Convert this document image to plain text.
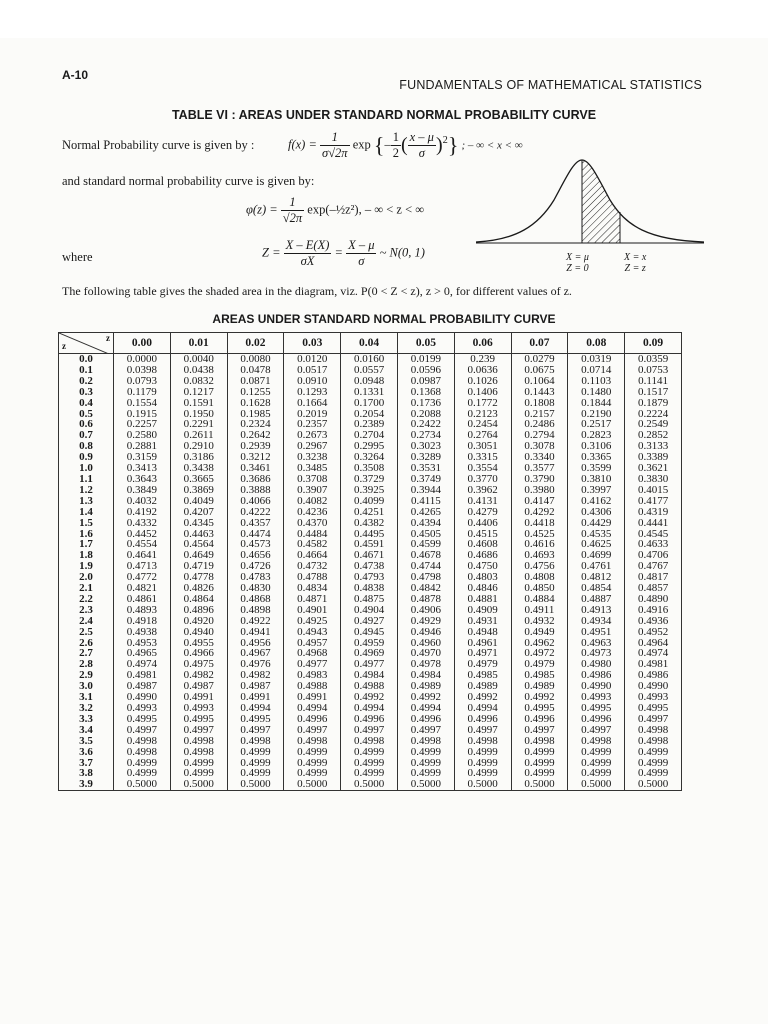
A-10
FUNDAMENTALS OF MATHEMATICAL STATISTICS
TABLE VI : AREAS UNDER STANDARD NORMAL PROBABILITY CURVE
Normal Probability curve is given by :	$f(x) = \frac{1}{\sigma√2\pi}$ exp {– $\frac{1}{2}$ ( $\frac{x - \mu}{\sigma} )^2$} ; – ∞ < x < ∞
and standard normal probability curve is given by:
$\varphi(z) = \frac{1}{√2\pi}$ exp(–½z²), – ∞ < z < ∞
where	$Z = \frac{X - E(X)}{\sigma X} = \frac{X - \mu}{\sigma}$ ~ N(0, 1)	X = μ
Z = 0
X = x
Z = z
The following table gives the shaded area in the diagram, viz. P(0 < Z < z), z > 0, for different values of z.
AREAS UNDER STANDARD NORMAL PROBABILITY CURVE
z
z	0.00	0.01	0.02	0.03	0.04	0.05	0.06	0.07	0.08	0.09
0.0	0.0000	0.0040	0.0080	0.0120	0.0160	0.0199	0.239	0.0279	0.0319	0.0359
0.1	0.0398	0.0438	0.0478	0.0517	0.0557	0.0596	0.0636	0.0675	0.0714	0.0753
0.2	0.0793	0.0832	0.0871	0.0910	0.0948	0.0987	0.1026	0.1064	0.1103	0.1141
0.3	0.1179	0.1217	0.1255	0.1293	0.1331	0.1368	0.1406	0.1443	0.1480	0.1517
0.4	0.1554	0.1591	0.1628	0.1664	0.1700	0.1736	0.1772	0.1808	0.1844	0.1879
0.5	0.1915	0.1950	0.1985	0.2019	0.2054	0.2088	0.2123	0.2157	0.2190	0.2224
0.6	0.2257	0.2291	0.2324	0.2357	0.2389	0.2422	0.2454	0.2486	0.2517	0.2549
0.7	0.2580	0.2611	0.2642	0.2673	0.2704	0.2734	0.2764	0.2794	0.2823	0.2852
0.8	0.2881	0.2910	0.2939	0.2967	0.2995	0.3023	0.3051	0.3078	0.3106	0.3133
0.9	0.3159	0.3186	0.3212	0.3238	0.3264	0.3289	0.3315	0.3340	0.3365	0.3389
1.0	0.3413	0.3438	0.3461	0.3485	0.3508	0.3531	0.3554	0.3577	0.3599	0.3621
1.1	0.3643	0.3665	0.3686	0.3708	0.3729	0.3749	0.3770	0.3790	0.3810	0.3830
1.2	0.3849	0.3869	0.3888	0.3907	0.3925	0.3944	0.3962	0.3980	0.3997	0.4015
1.3	0.4032	0.4049	0.4066	0.4082	0.4099	0.4115	0.4131	0.4147	0.4162	0.4177
1.4	0.4192	0.4207	0.4222	0.4236	0.4251	0.4265	0.4279	0.4292	0.4306	0.4319
1.5	0.4332	0.4345	0.4357	0.4370	0.4382	0.4394	0.4406	0.4418	0.4429	0.4441
1.6	0.4452	0.4463	0.4474	0.4484	0.4495	0.4505	0.4515	0.4525	0.4535	0.4545
1.7	0.4554	0.4564	0.4573	0.4582	0.4591	0.4599	0.4608	0.4616	0.4625	0.4633
1.8	0.4641	0.4649	0.4656	0.4664	0.4671	0.4678	0.4686	0.4693	0.4699	0.4706
1.9	0.4713	0.4719	0.4726	0.4732	0.4738	0.4744	0.4750	0.4756	0.4761	0.4767
2.0	0.4772	0.4778	0.4783	0.4788	0.4793	0.4798	0.4803	0.4808	0.4812	0.4817
2.1	0.4821	0.4826	0.4830	0.4834	0.4838	0.4842	0.4846	0.4850	0.4854	0.4857
2.2	0.4861	0.4864	0.4868	0.4871	0.4875	0.4878	0.4881	0.4884	0.4887	0.4890
2.3	0.4893	0.4896	0.4898	0.4901	0.4904	0.4906	0.4909	0.4911	0.4913	0.4916
2.4	0.4918	0.4920	0.4922	0.4925	0.4927	0.4929	0.4931	0.4932	0.4934	0.4936
2.5	0.4938	0.4940	0.4941	0.4943	0.4945	0.4946	0.4948	0.4949	0.4951	0.4952
2.6	0.4953	0.4955	0.4956	0.4957	0.4959	0.4960	0.4961	0.4962	0.4963	0.4964
2.7	0.4965	0.4966	0.4967	0.4968	0.4969	0.4970	0.4971	0.4972	0.4973	0.4974
2.8	0.4974	0.4975	0.4976	0.4977	0.4977	0.4978	0.4979	0.4979	0.4980	0.4981
2.9	0.4981	0.4982	0.4982	0.4983	0.4984	0.4984	0.4985	0.4985	0.4986	0.4986
3.0	0.4987	0.4987	0.4987	0.4988	0.4988	0.4989	0.4989	0.4989	0.4990	0.4990
3.1	0.4990	0.4991	0.4991	0.4991	0.4992	0.4992	0.4992	0.4992	0.4993	0.4993
3.2	0.4993	0.4993	0.4994	0.4994	0.4994	0.4994	0.4994	0.4995	0.4995	0.4995
3.3	0.4995	0.4995	0.4995	0.4996	0.4996	0.4996	0.4996	0.4996	0.4996	0.4997
3.4	0.4997	0.4997	0.4997	0.4997	0.4997	0.4997	0.4997	0.4997	0.4997	0.4998
3.5	0.4998	0.4998	0.4998	0.4998	0.4998	0.4998	0.4998	0.4998	0.4998	0.4998
3.6	0.4998	0.4998	0.4999	0.4999	0.4999	0.4999	0.4999	0.4999	0.4999	0.4999
3.7	0.4999	0.4999	0.4999	0.4999	0.4999	0.4999	0.4999	0.4999	0.4999	0.4999
3.8	0.4999	0.4999	0.4999	0.4999	0.4999	0.4999	0.4999	0.4999	0.4999	0.4999
3.9	0.5000	0.5000	0.5000	0.5000	0.5000	0.5000	0.5000	0.5000	0.5000	0.5000
